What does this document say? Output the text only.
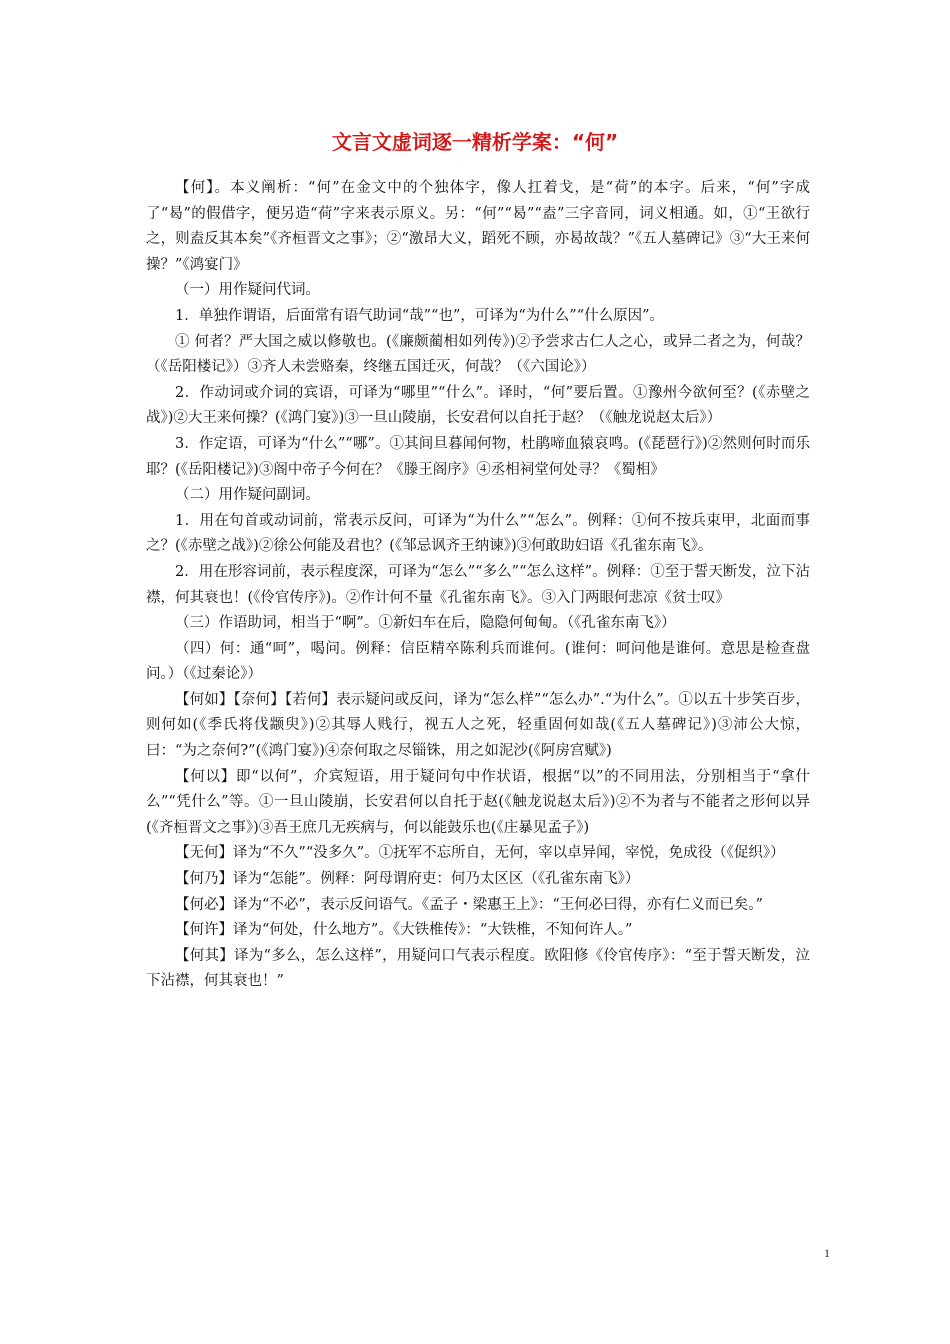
文言文虚词逐一精析学案：“何”

【何】。本义阐析：“何”在金文中的个独体字，像人扛着戈，是“荷”的本字。后来，“何”字成了“曷”的假借字，便另造“荷”字来表示原义。另：“何”“曷”“盍”三字音同，词义相通。如，①“王欲行之，则盍反其本矣”《齐桓晋文之事》；②“激昂大义，蹈死不顾，亦曷故哉？”《五人墓碑记》③“大王来何操？”《鸿宴门》

（一）用作疑问代词。

1．单独作谓语，后面常有语气助词“哉”“也”，可译为“为什么”“什么原因”。

① 何者？严大国之威以修敬也。(《廉颇蔺相如列传》)②予尝求古仁人之心，或异二者之为，何哉？（《岳阳楼记》）③齐人未尝赂秦，终继五国迁灭，何哉？（《六国论》）

2．作动词或介词的宾语，可译为“哪里”“什么”。译时，“何”要后置。①豫州今欲何至？(《赤壁之战》)②大王来何操？(《鸿门宴》)③一旦山陵崩，长安君何以自托于赵？（《触龙说赵太后》）

3．作定语，可译为“什么”“哪”。①其间旦暮闻何物，杜鹃啼血猿哀鸣。(《琵琶行》)②然则何时而乐耶？(《岳阳楼记》)③阁中帝子今何在？《滕王阁序》④丞相祠堂何处寻？《蜀相》

（二）用作疑问副词。

1．用在句首或动词前，常表示反问，可译为“为什么”“怎么”。例释：①何不按兵束甲，北面而事之？(《赤壁之战》)②徐公何能及君也？(《邹忌讽齐王纳谏》)③何敢助妇语《孔雀东南飞》。

2．用在形容词前，表示程度深，可译为“怎么”“多么”“怎么这样”。例释：①至于誓天断发，泣下沾襟，何其衰也！(《伶官传序》)。②作计何不量《孔雀东南飞》。③入门两眼何悲凉《贫士叹》

（三）作语助词，相当于“啊”。①新妇车在后，隐隐何甸甸。（《孔雀东南飞》）

（四）何：通“呵”，喝问。例释：信臣精卒陈利兵而谁何。(谁何：呵问他是谁何。意思是检查盘问。）（《过秦论》）

【何如】【奈何】【若何】表示疑问或反问，译为“怎么样”“怎么办”.“为什么”。①以五十步笑百步，则何如(《季氏将伐颛臾》)②其辱人贱行，视五人之死，轻重固何如哉(《五人墓碑记》)③沛公大惊，曰：“为之奈何?”(《鸿门宴》)④奈何取之尽锱铢，用之如泥沙(《阿房宫赋》)

【何以】即“以何”，介宾短语，用于疑问句中作状语，根据“以”的不同用法，分别相当于“拿什么”“凭什么”等。①一旦山陵崩，长安君何以自托于赵(《触龙说赵太后》)②不为者与不能者之形何以异(《齐桓晋文之事》)③吾王庶几无疾病与，何以能鼓乐也(《庄暴见孟子》)

【无何】译为“不久”“没多久”。①抚军不忘所自，无何，宰以卓异闻，宰悦，免成役（《促织》）

【何乃】译为“怎能”。例释：阿母谓府吏：何乃太区区（《孔雀东南飞》）

【何必】译为“不必”，表示反问语气。《孟子・梁惠王上》：“王何必曰得，亦有仁义而已矣。”

【何许】译为“何处，什么地方”。《大铁椎传》：“大铁椎，不知何许人。”

【何其】译为“多么，怎么这样”，用疑问口气表示程度。欧阳修《伶官传序》：“至于誓天断发，泣下沾襟，何其衰也！”

1
